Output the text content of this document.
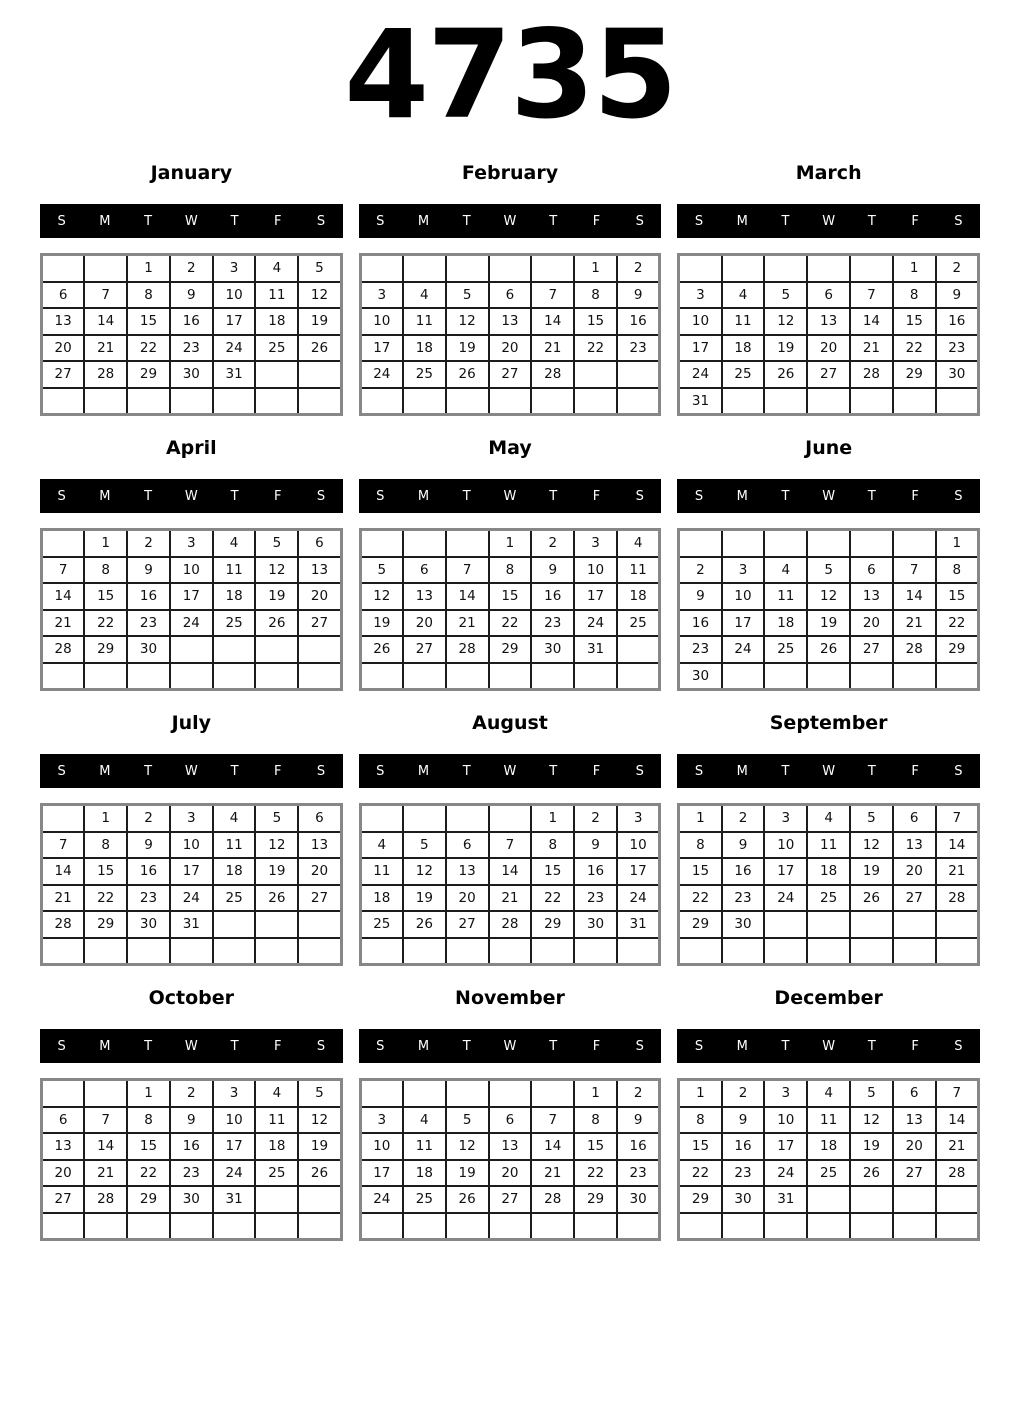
4735
January
S	M	T	W	T	F	S
		1	2	3	4	5
6	7	8	9	10	11	12
13	14	15	16	17	18	19
20	21	22	23	24	25	26
27	28	29	30	31		

February
S	M	T	W	T	F	S
					1	2
3	4	5	6	7	8	9
10	11	12	13	14	15	16
17	18	19	20	21	22	23
24	25	26	27	28		

March
S	M	T	W	T	F	S
					1	2
3	4	5	6	7	8	9
10	11	12	13	14	15	16
17	18	19	20	21	22	23
24	25	26	27	28	29	30
31						
April
S	M	T	W	T	F	S
	1	2	3	4	5	6
7	8	9	10	11	12	13
14	15	16	17	18	19	20
21	22	23	24	25	26	27
28	29	30				

May
S	M	T	W	T	F	S
			1	2	3	4
5	6	7	8	9	10	11
12	13	14	15	16	17	18
19	20	21	22	23	24	25
26	27	28	29	30	31	

June
S	M	T	W	T	F	S
						1
2	3	4	5	6	7	8
9	10	11	12	13	14	15
16	17	18	19	20	21	22
23	24	25	26	27	28	29
30						
July
S	M	T	W	T	F	S
	1	2	3	4	5	6
7	8	9	10	11	12	13
14	15	16	17	18	19	20
21	22	23	24	25	26	27
28	29	30	31			

August
S	M	T	W	T	F	S
				1	2	3
4	5	6	7	8	9	10
11	12	13	14	15	16	17
18	19	20	21	22	23	24
25	26	27	28	29	30	31

September
S	M	T	W	T	F	S
1	2	3	4	5	6	7
8	9	10	11	12	13	14
15	16	17	18	19	20	21
22	23	24	25	26	27	28
29	30					

October
S	M	T	W	T	F	S
		1	2	3	4	5
6	7	8	9	10	11	12
13	14	15	16	17	18	19
20	21	22	23	24	25	26
27	28	29	30	31		

November
S	M	T	W	T	F	S
					1	2
3	4	5	6	7	8	9
10	11	12	13	14	15	16
17	18	19	20	21	22	23
24	25	26	27	28	29	30

December
S	M	T	W	T	F	S
1	2	3	4	5	6	7
8	9	10	11	12	13	14
15	16	17	18	19	20	21
22	23	24	25	26	27	28
29	30	31				
